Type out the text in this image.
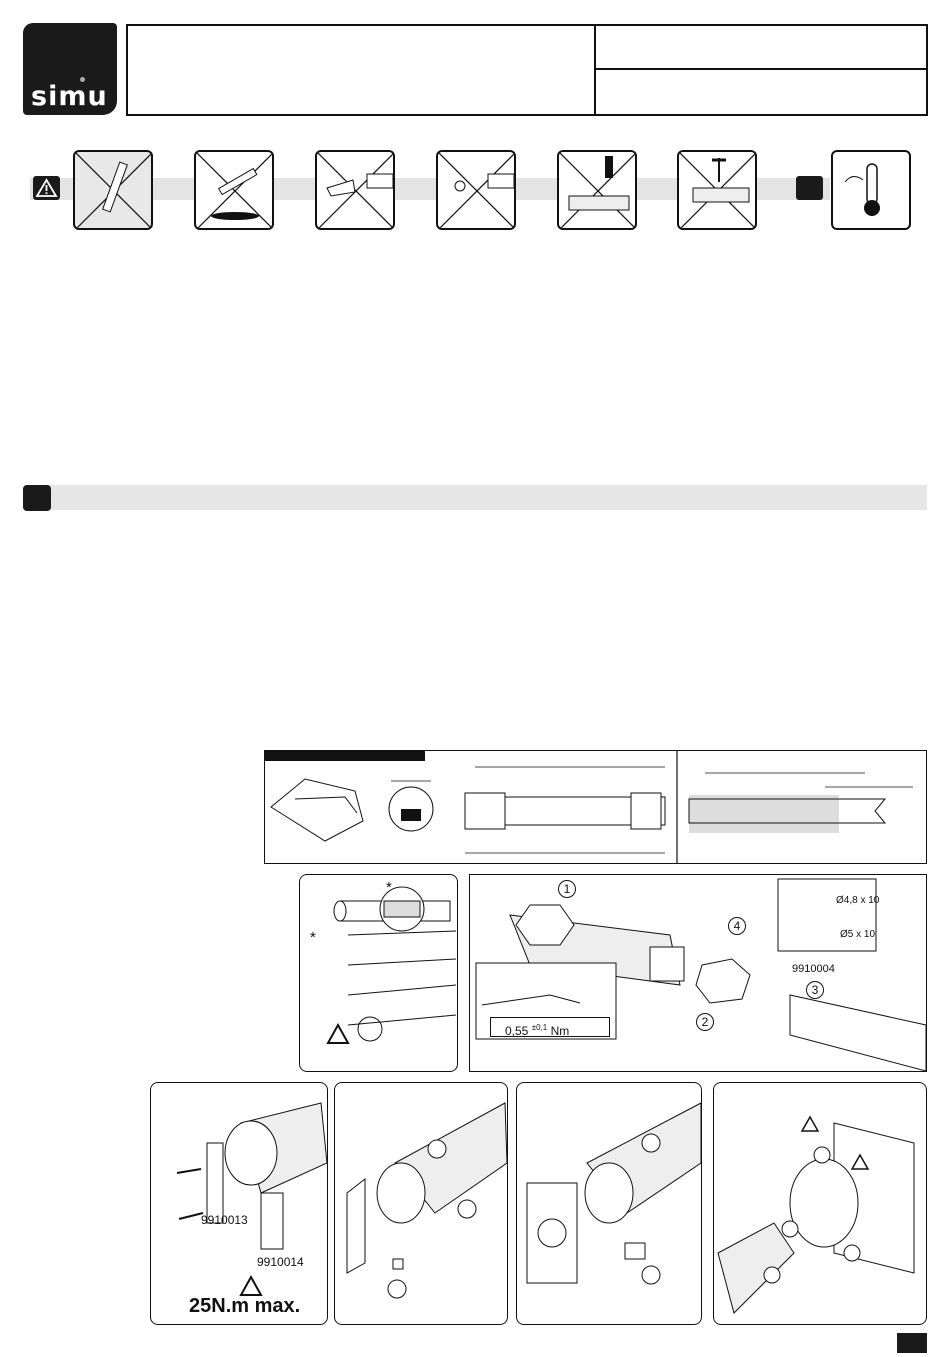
simu
*
*
1
2
3
4
Ø4,8 x 10
Ø5 x 10
9910004
0,55 $^{\pm 0,1}$ Nm
9910013
9910014
25N.m max.
